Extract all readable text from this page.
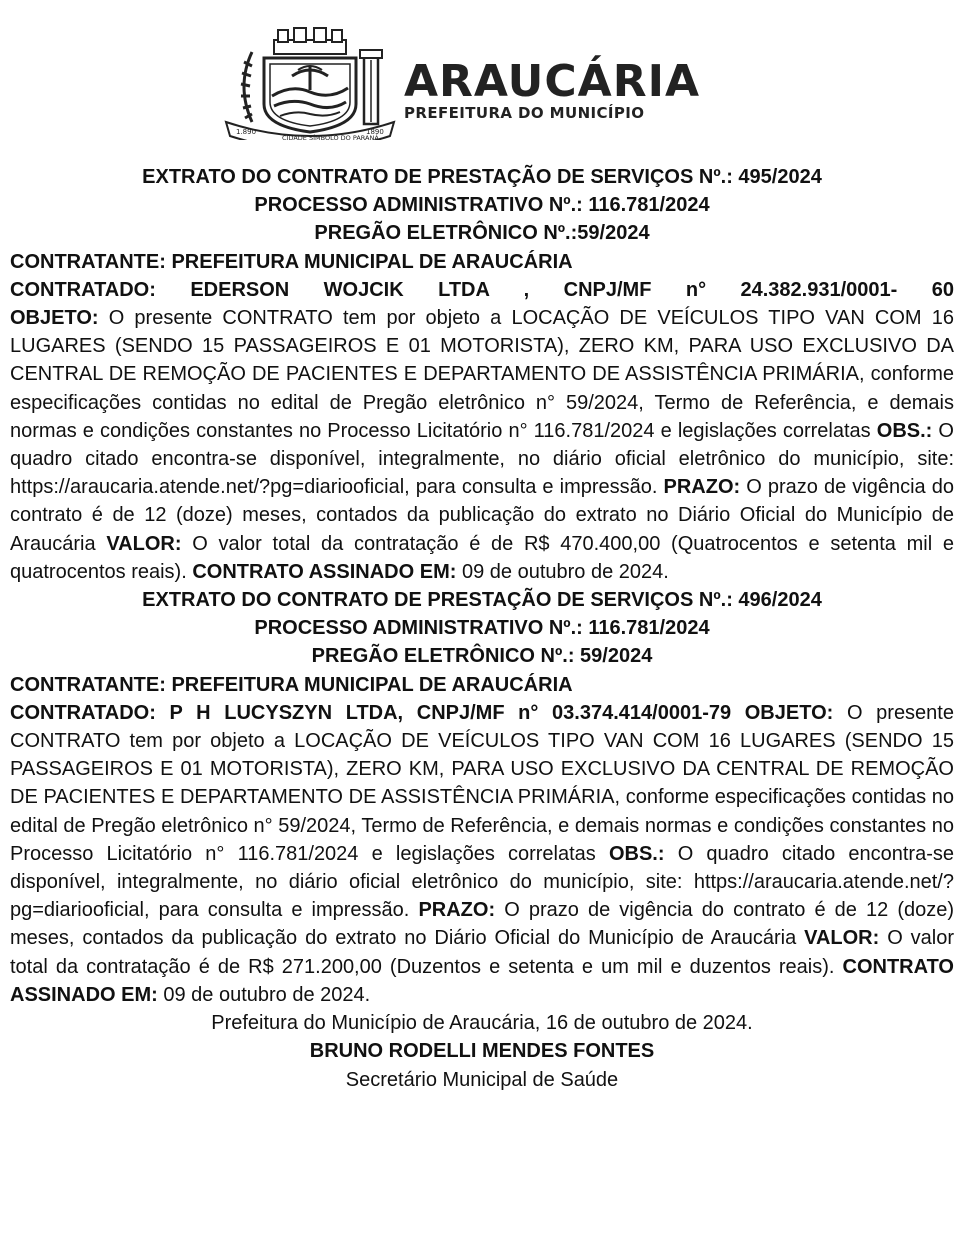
1.890
CIDADE SÍMBOLO DO PARANÁ
1890
ARAUCÁRIA
PREFEITURA DO MUNICÍPIO

EXTRATO DO CONTRATO DE PRESTAÇÃO DE SERVIÇOS Nº.: 495/2024

PROCESSO ADMINISTRATIVO Nº.: 116.781/2024

PREGÃO ELETRÔNICO Nº.:59/2024

CONTRATANTE: PREFEITURA MUNICIPAL DE ARAUCÁRIA

CONTRATADO: EDERSON WOJCIK LTDA , CNPJ/MF n° 24.382.931/0001- 60

OBJETO: O presente CONTRATO tem por objeto a LOCAÇÃO DE VEÍCULOS TIPO VAN COM 16 LUGARES (SENDO 15 PASSAGEIROS E 01 MOTORISTA), ZERO KM, PARA USO EXCLUSIVO DA CENTRAL DE REMOÇÃO DE PACIENTES E DEPARTAMENTO DE ASSISTÊNCIA PRIMÁRIA, conforme especificações contidas no edital de Pregão eletrônico n° 59/2024, Termo de Referência, e demais normas e condições constantes no Processo Licitatório n° 116.781/2024 e legislações correlatas OBS.: O quadro citado encontra-se disponível, integralmente, no diário oficial eletrônico do município, site: https://araucaria.atende.net/?pg=diariooficial, para consulta e impressão. PRAZO: O prazo de vigência do contrato é de 12 (doze) meses, contados da publicação do extrato no Diário Oficial do Município de Araucária VALOR: O valor total da contratação é de R$ 470.400,00 (Quatrocentos e setenta mil e quatrocentos reais). CONTRATO ASSINADO EM: 09 de outubro de 2024.

EXTRATO DO CONTRATO DE PRESTAÇÃO DE SERVIÇOS Nº.: 496/2024

PROCESSO ADMINISTRATIVO Nº.: 116.781/2024

PREGÃO ELETRÔNICO Nº.: 59/2024

CONTRATANTE: PREFEITURA MUNICIPAL DE ARAUCÁRIA

CONTRATADO: P H LUCYSZYN LTDA, CNPJ/MF n° 03.374.414/0001-79 OBJETO: O presente CONTRATO tem por objeto a LOCAÇÃO DE VEÍCULOS TIPO VAN COM 16 LUGARES (SENDO 15 PASSAGEIROS E 01 MOTORISTA), ZERO KM, PARA USO EXCLUSIVO DA CENTRAL DE REMOÇÃO DE PACIENTES E DEPARTAMENTO DE ASSISTÊNCIA PRIMÁRIA, conforme especificações contidas no edital de Pregão eletrônico n° 59/2024, Termo de Referência, e demais normas e condições constantes no Processo Licitatório n° 116.781/2024 e legislações correlatas OBS.: O quadro citado encontra-se disponível, integralmente, no diário oficial eletrônico do município, site: https://araucaria.atende.net/?pg=diariooficial, para consulta e impressão. PRAZO: O prazo de vigência do contrato é de 12 (doze) meses, contados da publicação do extrato no Diário Oficial do Município de Araucária VALOR: O valor total da contratação é de R$ 271.200,00 (Duzentos e setenta e um mil e duzentos reais). CONTRATO ASSINADO EM: 09 de outubro de 2024.

Prefeitura do Município de Araucária, 16 de outubro de 2024.

BRUNO RODELLI MENDES FONTES

Secretário Municipal de Saúde
